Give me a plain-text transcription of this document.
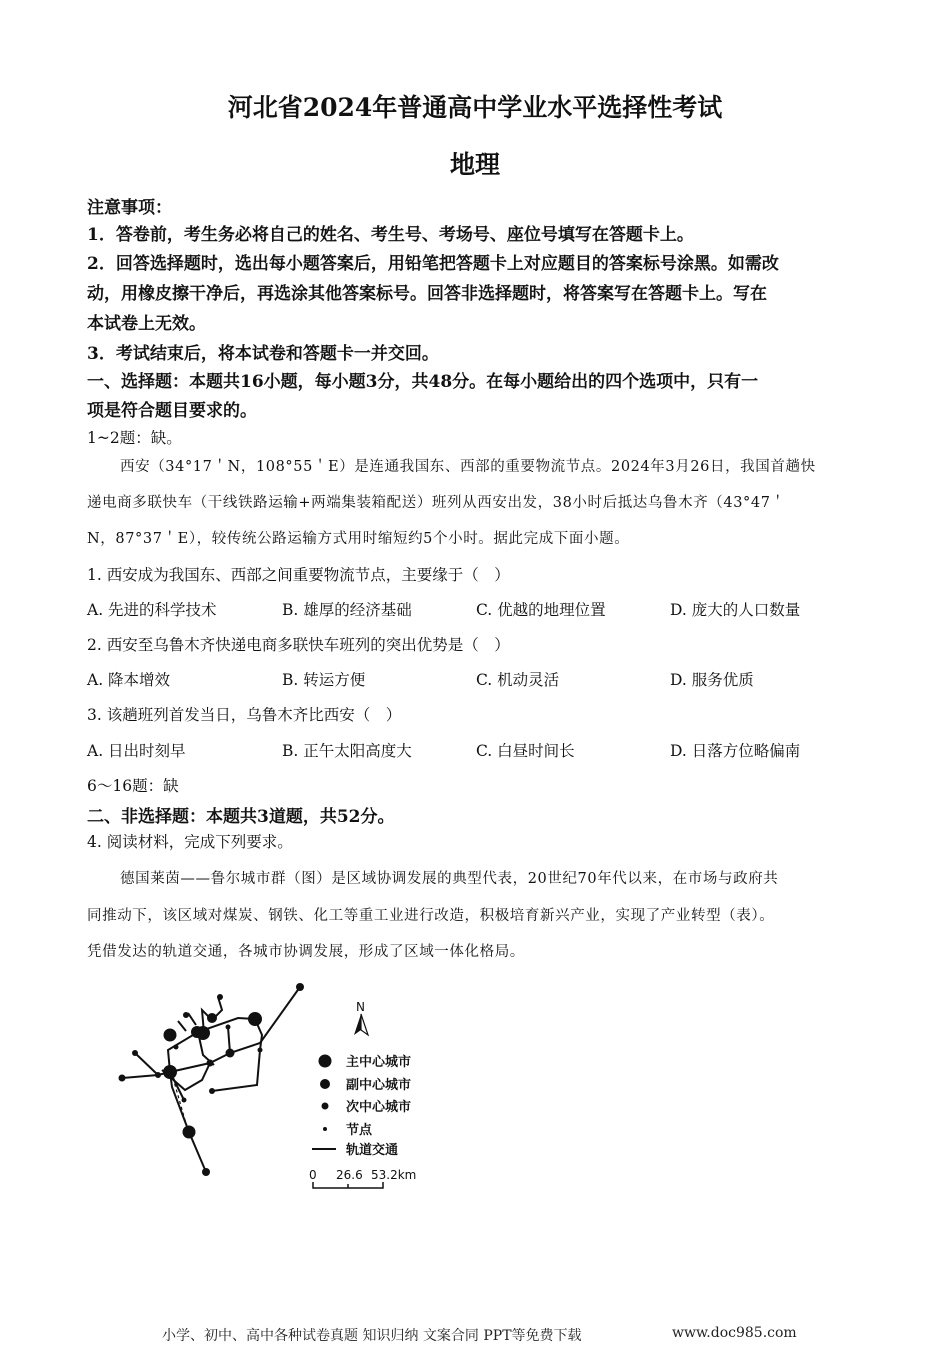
河北省2024年普通高中学业水平选择性考试
地理
注意事项：
1．答卷前，考生务必将自己的姓名、考生号、考场号、座位号填写在答题卡上。
2．回答选择题时，选出每小题答案后，用铅笔把答题卡上对应题目的答案标号涂黑。如需改
动，用橡皮擦干净后，再选涂其他答案标号。回答非选择题时，将答案写在答题卡上。写在
本试卷上无效。
3．考试结束后，将本试卷和答题卡一并交回。
一、选择题：本题共16小题，每小题3分，共48分。在每小题给出的四个选项中，只有一
项是符合题目要求的。
1~2题：缺。
西安（34°17＇N，108°55＇E）是连通我国东、西部的重要物流节点。2024年3月26日，我国首趟快
递电商多联快车（干线铁路运输+两端集装箱配送）班列从西安出发，38小时后抵达乌鲁木齐（43°47＇
N，87°37＇E），较传统公路运输方式用时缩短约5个小时。据此完成下面小题。
1. 西安成为我国东、西部之间重要物流节点，主要缘于（　）
A. 先进的科学技术	B. 雄厚的经济基础	C. 优越的地理位置	D. 庞大的人口数量
2. 西安至乌鲁木齐快递电商多联快车班列的突出优势是（　）
A. 降本增效	B. 转运方便	C. 机动灵活	D. 服务优质
3. 该趟班列首发当日，乌鲁木齐比西安（　）
A. 日出时刻早	B. 正午太阳高度大	C. 白昼时间长	D. 日落方位略偏南
6～16题：缺
二、非选择题：本题共3道题，共52分。
4. 阅读材料，完成下列要求。
德国莱茵——鲁尔城市群（图）是区域协调发展的典型代表，20世纪70年代以来，在市场与政府共
同推动下，该区域对煤炭、钢铁、化工等重工业进行改造，积极培育新兴产业，实现了产业转型（表）。
凭借发达的轨道交通，各城市协调发展，形成了区域一体化格局。
N
主中心城市
副中心城市
次中心城市
节点
轨道交通
0 26.6 53.2km
小学、初中、高中各种试卷真题 知识归纳 文案合同 PPT等免费下载	www.doc985.com
